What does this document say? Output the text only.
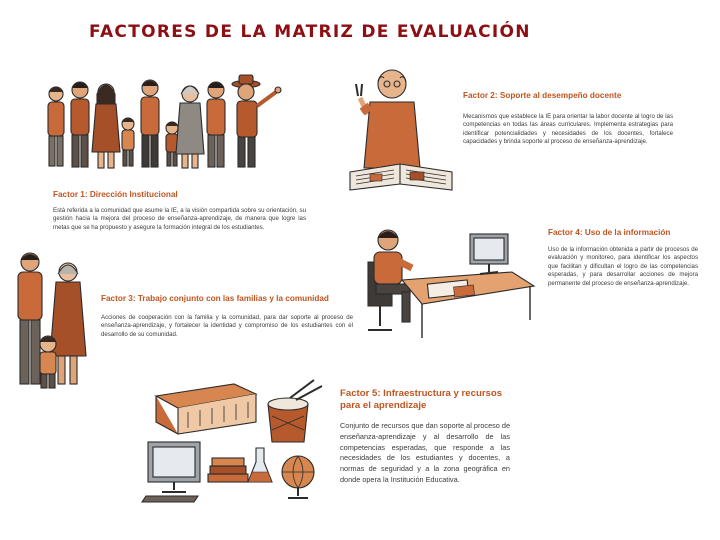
FACTORES DE LA MATRIZ DE EVALUACIÓN
Factor 1: Dirección Institucional
Está referida a la comunidad que asume la IE, a la visión compartida sobre su orientación, su gestión hacia la mejora del proceso de enseñanza-aprendizaje, de manera que logre las metas que se ha propuesto y asegure la formación integral de los estudiantes.
Factor 2: Soporte al desempeño docente
Mecanismos que establece la IE para orientar la labor docente al logro de las competencias en todas las áreas curriculares. Implementa estrategias para identificar potencialidades y necesidades de los docentes, fortalece capacidades y brinda soporte al proceso de enseñanza-aprendizaje.
Factor 3: Trabajo conjunto con las familias y la comunidad
Acciones de cooperación con la familia y la comunidad, para dar soporte al proceso de enseñanza-aprendizaje, y fortalecer la identidad y compromiso de los estudiantes con el desarrollo de su comunidad.
Factor 4: Uso de la información
Uso de la información obtenida a partir de procesos de evaluación y monitoreo, para identificar los aspectos que facilitan y dificultan el logro de las competencias esperadas, y para desarrollar acciones de mejora permanente del proceso de enseñanza-aprendizaje.
Factor 5: Infraestructura y recursos para el aprendizaje
Conjunto de recursos que dan soporte al proceso de enseñanza-aprendizaje y al desarrollo de las competencias esperadas, que responde a las necesidades de los estudiantes y docentes, a normas de seguridad y a la zona geográfica en donde opera la Institución Educativa.
